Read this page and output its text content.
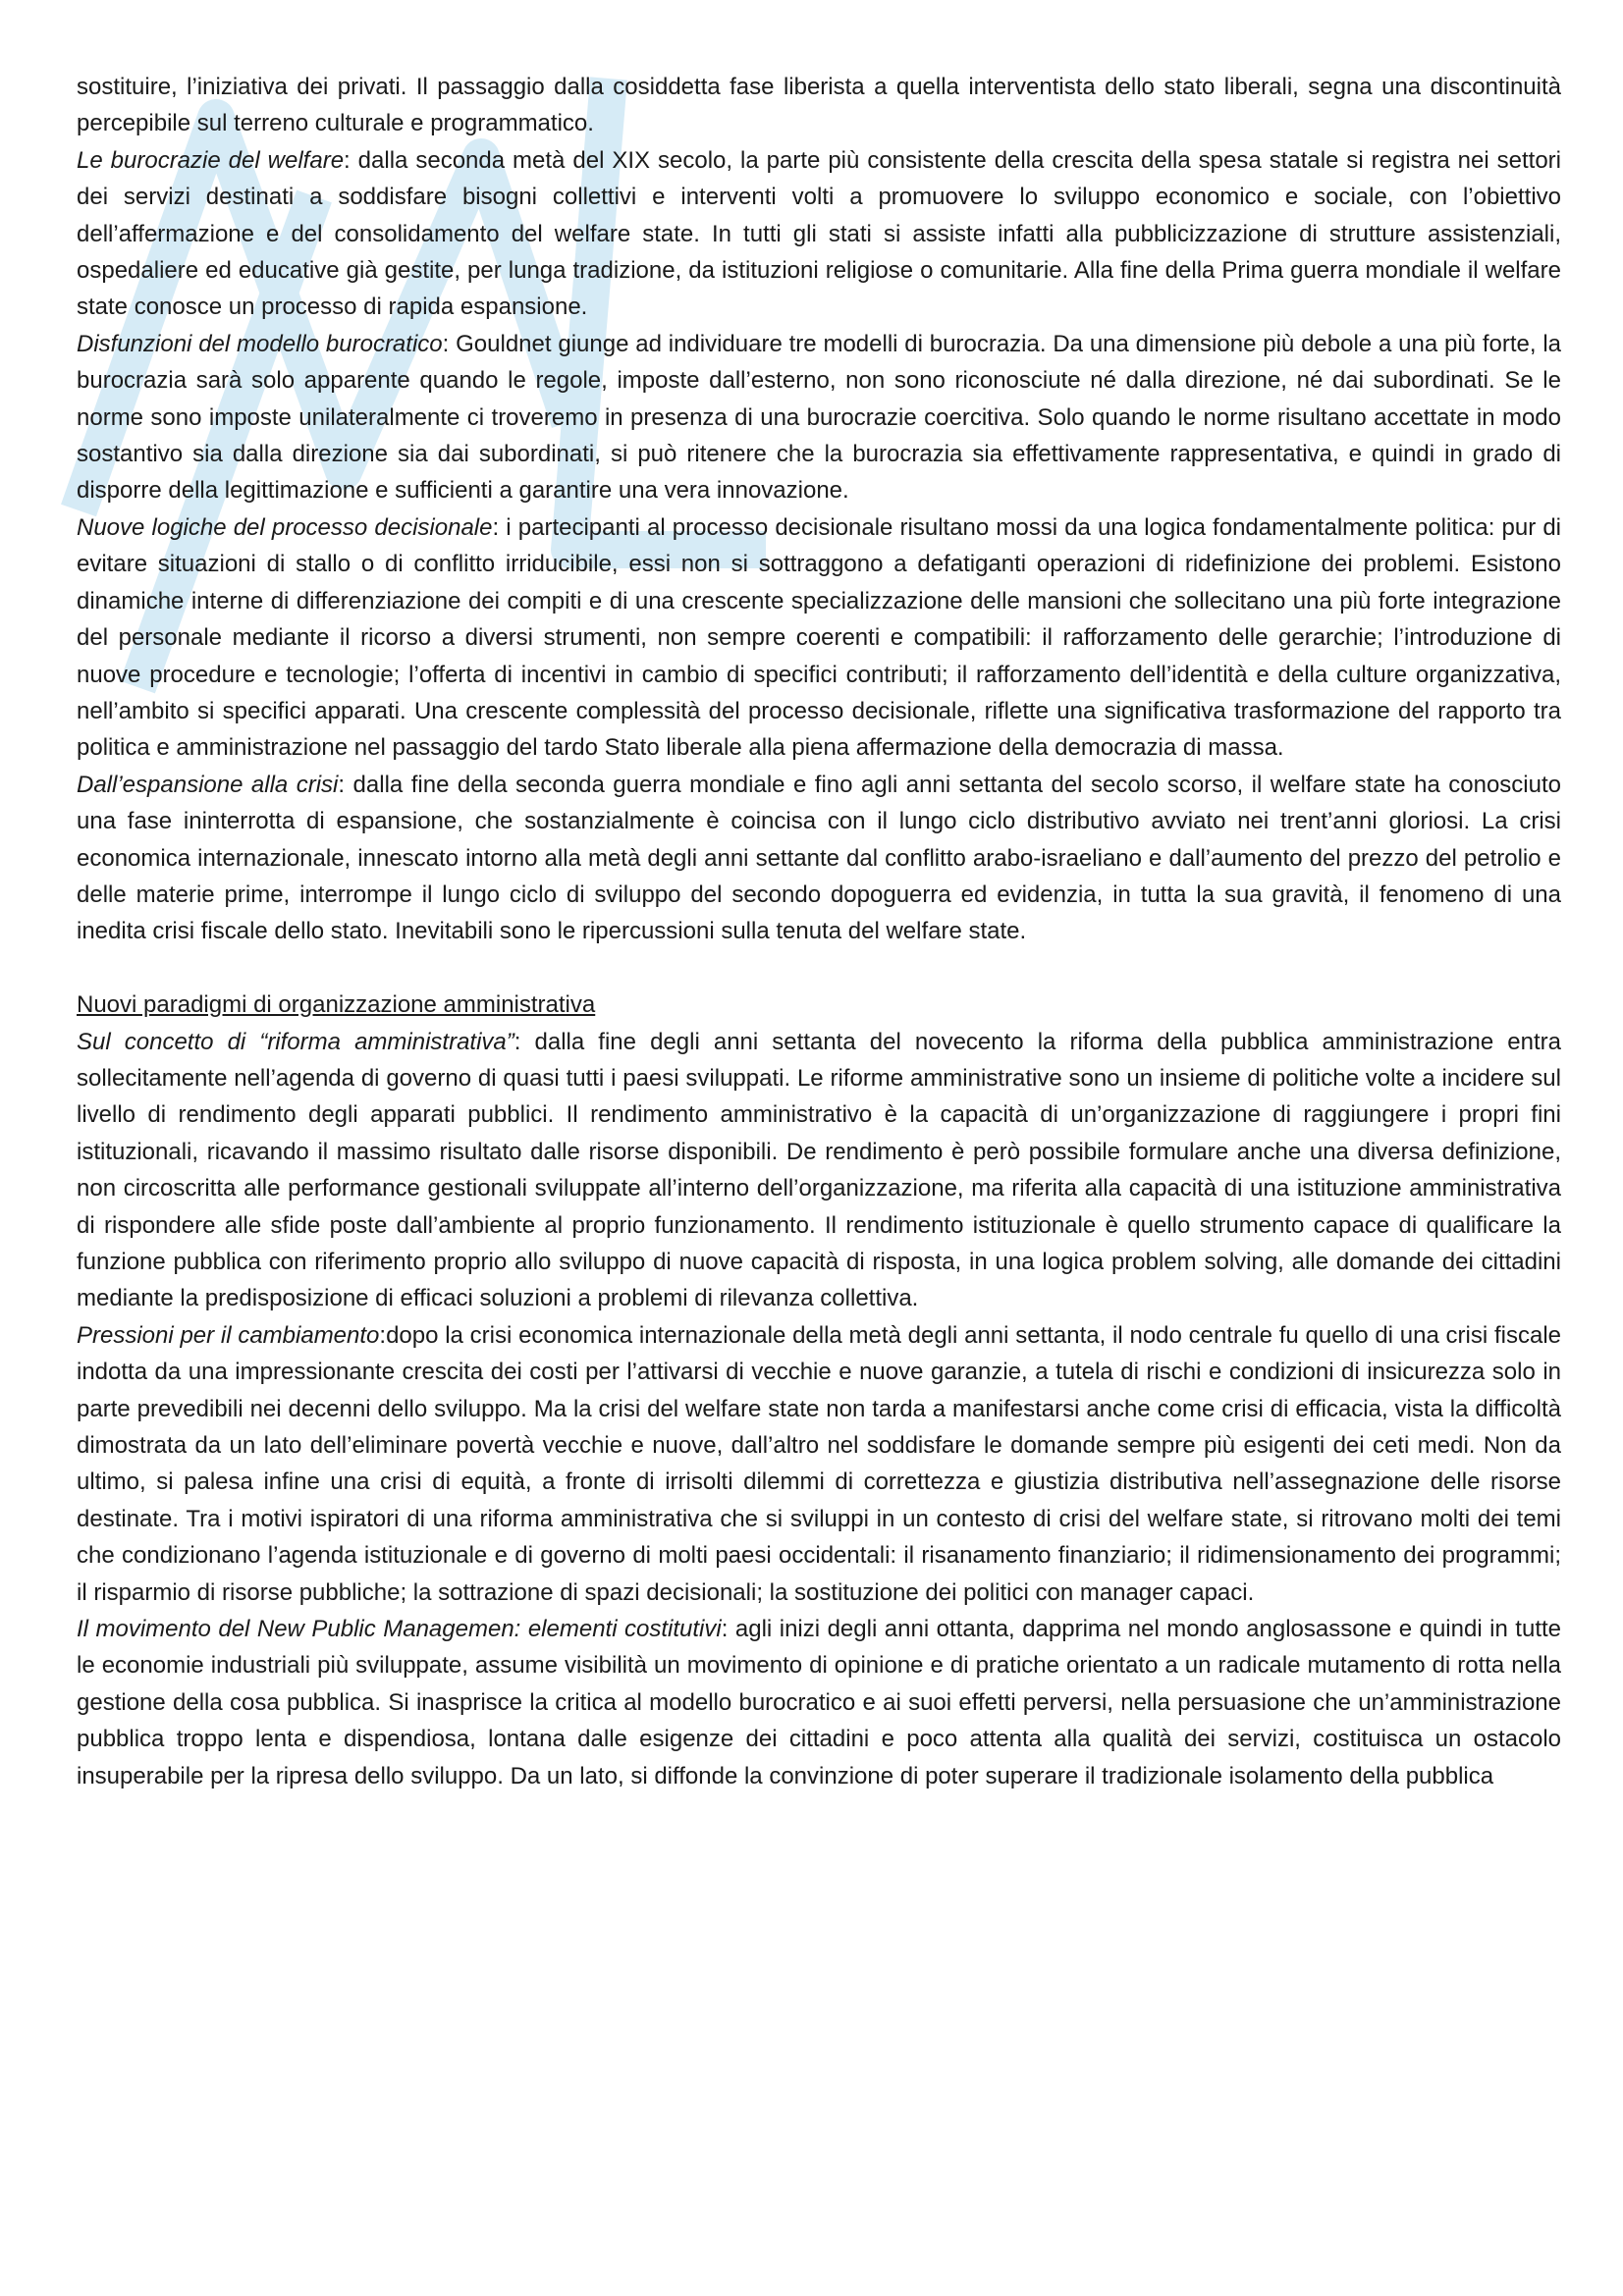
sostituire, l’iniziativa dei privati. Il passaggio dalla cosiddetta fase liberista a quella interventista dello stato liberali, segna una discontinuità percepibile sul terreno culturale e programmatico.

Le burocrazie del welfare: dalla seconda metà del XIX secolo, la parte più consistente della crescita della spesa statale si registra nei settori dei servizi destinati a soddisfare bisogni collettivi e interventi volti a promuovere lo sviluppo economico e sociale, con l’obiettivo dell’affermazione e del consolidamento del welfare state. In tutti gli stati si assiste infatti alla pubblicizzazione di strutture assistenziali, ospedaliere ed educative già gestite, per lunga tradizione, da istituzioni religiose o comunitarie. Alla fine della Prima guerra mondiale il welfare state conosce un processo di rapida espansione.

Disfunzioni del modello burocratico: Gouldnet giunge ad individuare tre modelli di burocrazia. Da una dimensione più debole a una più forte, la burocrazia sarà solo apparente quando le regole, imposte dall’esterno, non sono riconosciute né dalla direzione, né dai subordinati. Se le norme sono imposte unilateralmente ci troveremo in presenza di una burocrazie coercitiva. Solo quando le norme risultano accettate in modo sostantivo sia dalla direzione sia dai subordinati, si può ritenere che la burocrazia sia effettivamente rappresentativa, e quindi in grado di disporre della legittimazione e sufficienti a garantire una vera innovazione.

Nuove logiche del processo decisionale: i partecipanti al processo decisionale risultano mossi da una logica fondamentalmente politica: pur di evitare situazioni di stallo o di conflitto irriducibile, essi non si sottraggono a defatiganti operazioni di ridefinizione dei problemi. Esistono dinamiche interne di differenziazione dei compiti e di una crescente specializzazione delle mansioni che sollecitano una più forte integrazione del personale mediante il ricorso a diversi strumenti, non sempre coerenti e compatibili: il rafforzamento delle gerarchie; l’introduzione di nuove procedure e tecnologie; l’offerta di incentivi in cambio di specifici contributi; il rafforzamento dell’identità e della culture organizzativa, nell’ambito si specifici apparati. Una crescente complessità del processo decisionale, riflette una significativa trasformazione del rapporto tra politica e amministrazione nel passaggio del tardo Stato liberale alla piena affermazione della democrazia di massa.

Dall’espansione alla crisi: dalla fine della seconda guerra mondiale e fino agli anni settanta del secolo scorso, il welfare state ha conosciuto una fase ininterrotta di espansione, che sostanzialmente è coincisa con il lungo ciclo distributivo avviato nei trent’anni gloriosi. La crisi economica internazionale, innescato intorno alla metà degli anni settante dal conflitto arabo-israeliano e dall’aumento del prezzo del petrolio e delle materie prime, interrompe il lungo ciclo di sviluppo del secondo dopoguerra ed evidenzia, in tutta la sua gravità, il fenomeno di una inedita crisi fiscale dello stato. Inevitabili sono le ripercussioni sulla tenuta del welfare state.

Nuovi paradigmi di organizzazione amministrativa

Sul concetto di “riforma amministrativa”: dalla fine degli anni settanta del novecento la riforma della pubblica amministrazione entra sollecitamente nell’agenda di governo di quasi tutti i paesi sviluppati. Le riforme amministrative sono un insieme di politiche volte a incidere sul livello di rendimento degli apparati pubblici. Il rendimento amministrativo è la capacità di un’organizzazione di raggiungere i propri fini istituzionali, ricavando il massimo risultato dalle risorse disponibili. De rendimento è però possibile formulare anche una diversa definizione, non circoscritta alle performance gestionali sviluppate all’interno dell’organizzazione, ma riferita alla capacità di una istituzione amministrativa di rispondere alle sfide poste dall’ambiente al proprio funzionamento. Il rendimento istituzionale è quello strumento capace di qualificare la funzione pubblica con riferimento proprio allo sviluppo di nuove capacità di risposta, in una logica problem solving, alle domande dei cittadini mediante la predisposizione di efficaci soluzioni a problemi di rilevanza collettiva.

Pressioni per il cambiamento:dopo la crisi economica internazionale della metà degli anni settanta, il nodo centrale fu quello di una crisi fiscale indotta da una impressionante crescita dei costi per l’attivarsi di vecchie e nuove garanzie, a tutela di rischi e condizioni di insicurezza solo in parte prevedibili nei decenni dello sviluppo. Ma la crisi del welfare state non tarda a manifestarsi anche come crisi di efficacia, vista la difficoltà dimostrata da un lato dell’eliminare povertà vecchie e nuove, dall’altro nel soddisfare le domande sempre più esigenti dei ceti medi. Non da ultimo, si palesa infine una crisi di equità, a fronte di irrisolti dilemmi di correttezza e giustizia distributiva nell’assegnazione delle risorse destinate. Tra i motivi ispiratori di una riforma amministrativa che si sviluppi in un contesto di crisi del welfare state, si ritrovano molti dei temi che condizionano l’agenda istituzionale e di governo di molti paesi occidentali: il risanamento finanziario; il ridimensionamento dei programmi; il risparmio di risorse pubbliche; la sottrazione di spazi decisionali; la sostituzione dei politici con manager capaci.

Il movimento del New Public Managemen: elementi costitutivi: agli inizi degli anni ottanta, dapprima nel mondo anglosassone e quindi in tutte le economie industriali più sviluppate, assume visibilità un movimento di opinione e di pratiche orientato a un radicale mutamento di rotta nella gestione della cosa pubblica. Si inasprisce la critica al modello burocratico e ai suoi effetti perversi, nella persuasione che un’amministrazione pubblica troppo lenta e dispendiosa, lontana dalle esigenze dei cittadini e poco attenta alla qualità dei servizi, costituisca un ostacolo insuperabile per la ripresa dello sviluppo. Da un lato, si diffonde la convinzione di poter superare il tradizionale isolamento della pubblica
